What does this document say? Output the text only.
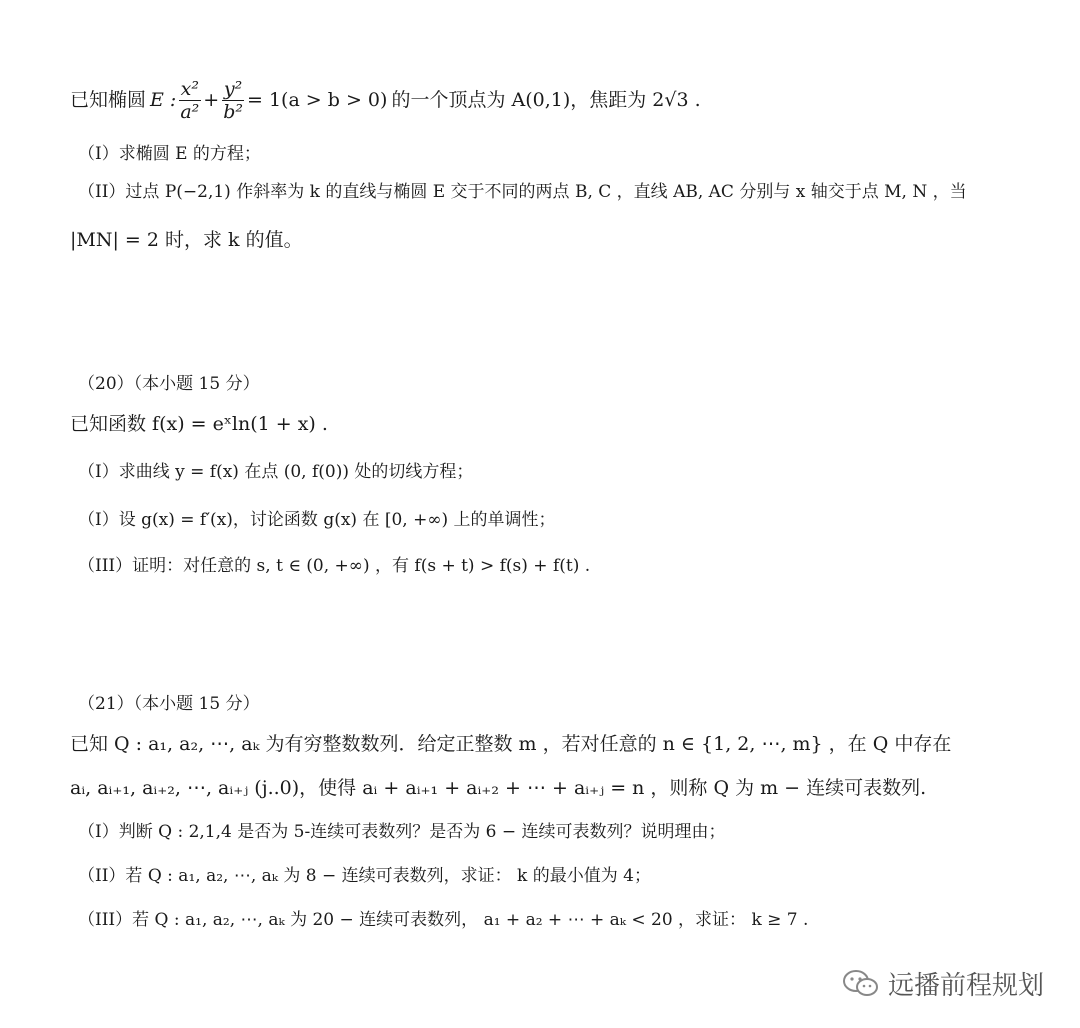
已知椭圆 E : $\frac{\text{x²}}{\text{a²}} + \frac{\text{y²}}{\text{b²}} = 1(a > b > 0)$ 的一个顶点为 A(0,1)，焦距为 2√3 .
（I）求椭圆 E 的方程；
（II）过点 P(−2,1) 作斜率为 k 的直线与椭圆 E 交于不同的两点 B, C ，直线 AB, AC 分别与 x 轴交于点 M, N ，当
|MN| = 2 时，求 k 的值。
（20）（本小题 15 分）
已知函数 f(x) = eˣln(1 + x) .
（I）求曲线 y = f(x) 在点 (0, f(0)) 处的切线方程；
（I）设 g(x) = f′(x)，讨论函数 g(x) 在 [0, +∞) 上的单调性；
（III）证明：对任意的 s, t ∈ (0, +∞) ，有 f(s + t) > f(s) + f(t) .
（21）（本小题 15 分）
已知 Q : a₁, a₂, ⋯, aₖ 为有穷整数数列．给定正整数 m ，若对任意的 n ∈ {1, 2, ⋯, m} ，在 Q 中存在
aᵢ, aᵢ₊₁, aᵢ₊₂, ⋯, aᵢ₊ⱼ (j..0)，使得 aᵢ + aᵢ₊₁ + aᵢ₊₂ + ⋯ + aᵢ₊ⱼ = n ，则称 Q 为 m − 连续可表数列.
（I）判断 Q : 2,1,4 是否为 5-连续可表数列？是否为 6 − 连续可表数列？说明理由；
（II）若 Q : a₁, a₂, ⋯, aₖ 为 8 − 连续可表数列，求证： k 的最小值为 4；
（III）若 Q : a₁, a₂, ⋯, aₖ 为 20 − 连续可表数列， a₁ + a₂ + ⋯ + aₖ < 20 ，求证： k ≥ 7 .
远播前程规划
